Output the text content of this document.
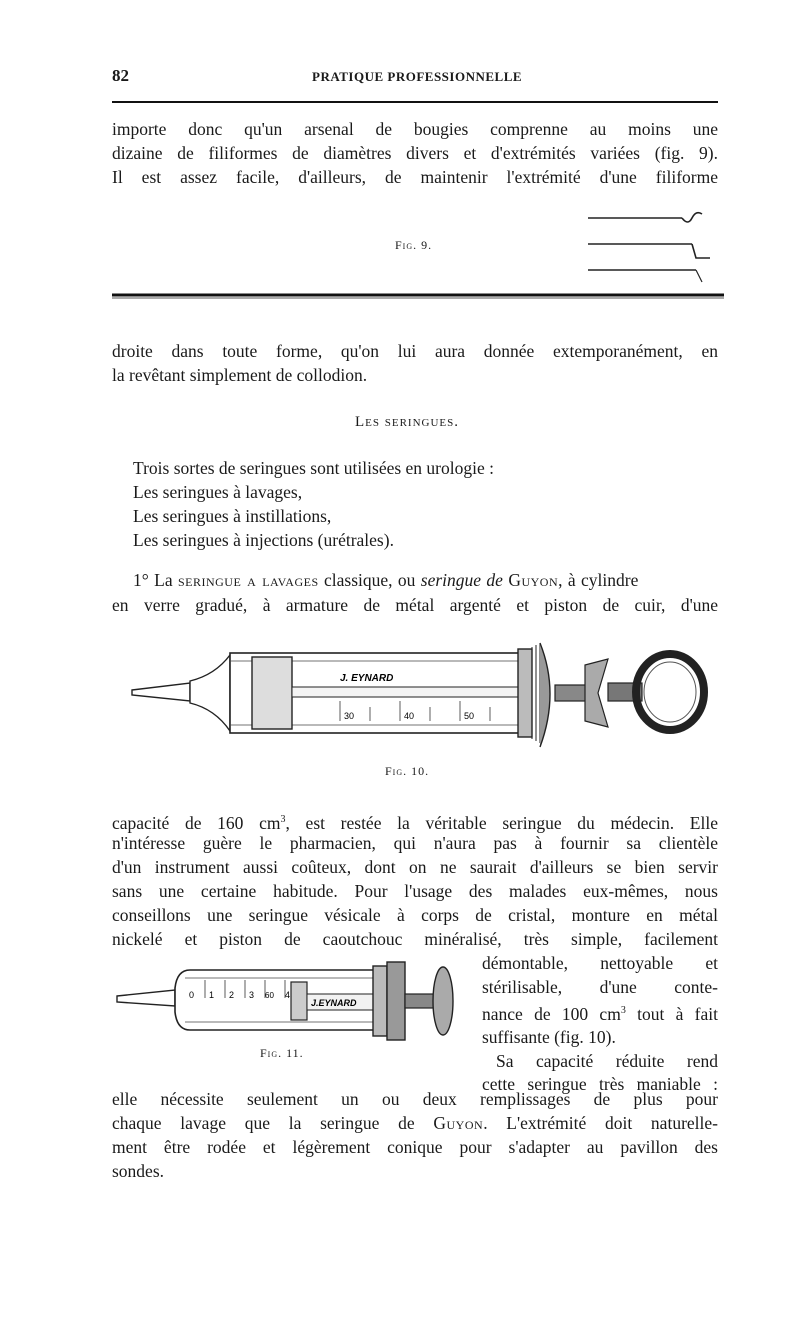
82	PRATIQUE PROFESSIONNELLE

importe donc qu'un arsenal de bougies comprenne au moins une

dizaine de filiformes de diamètres divers et d'extrémités variées (fig. 9).

Il est assez facile, d'ailleurs, de maintenir l'extrémité d'une filiforme

Fig. 9.

droite dans toute forme, qu'on lui aura donnée extemporanément, en

la revêtant simplement de collodion.

Les seringues.
Trois sortes de seringues sont utilisées en urologie :
Les seringues à lavages,
Les seringues à instillations,
Les seringues à injections (urétrales).
1° La seringue a lavages classique, ou seringue de Guyon, à cylindre

en verre gradué, à armature de métal argenté et piston de cuir, d'une

J. EYNARD
30	40	50
Fig. 10.

capacité de 160 $cm^3$, est restée la véritable seringue du médecin. Elle

n'intéresse guère le pharmacien, qui n'aura pas à fournir sa clientèle

d'un instrument aussi coûteux, dont on ne saurait d'ailleurs se bien servir

sans une certaine habitude. Pour l'usage des malades eux-mêmes, nous

conseillons une seringue vésicale à corps de cristal, monture en métal

nickelé et piston de caoutchouc minéralisé, très simple, facilement

démontable, nettoyable et

stérilisable, d'une conte-

nance de 100 $cm^3$ tout à fait

suffisante (fig. 10).

Sa capacité réduite rend

cette seringue très maniable :

0 1 2 3 60 4
J.EYNARD
Fig. 11.

elle nécessite seulement un ou deux remplissages de plus pour

chaque lavage que la seringue de Guyon. L'extrémité doit naturelle-

ment être rodée et légèrement conique pour s'adapter au pavillon des

sondes.
